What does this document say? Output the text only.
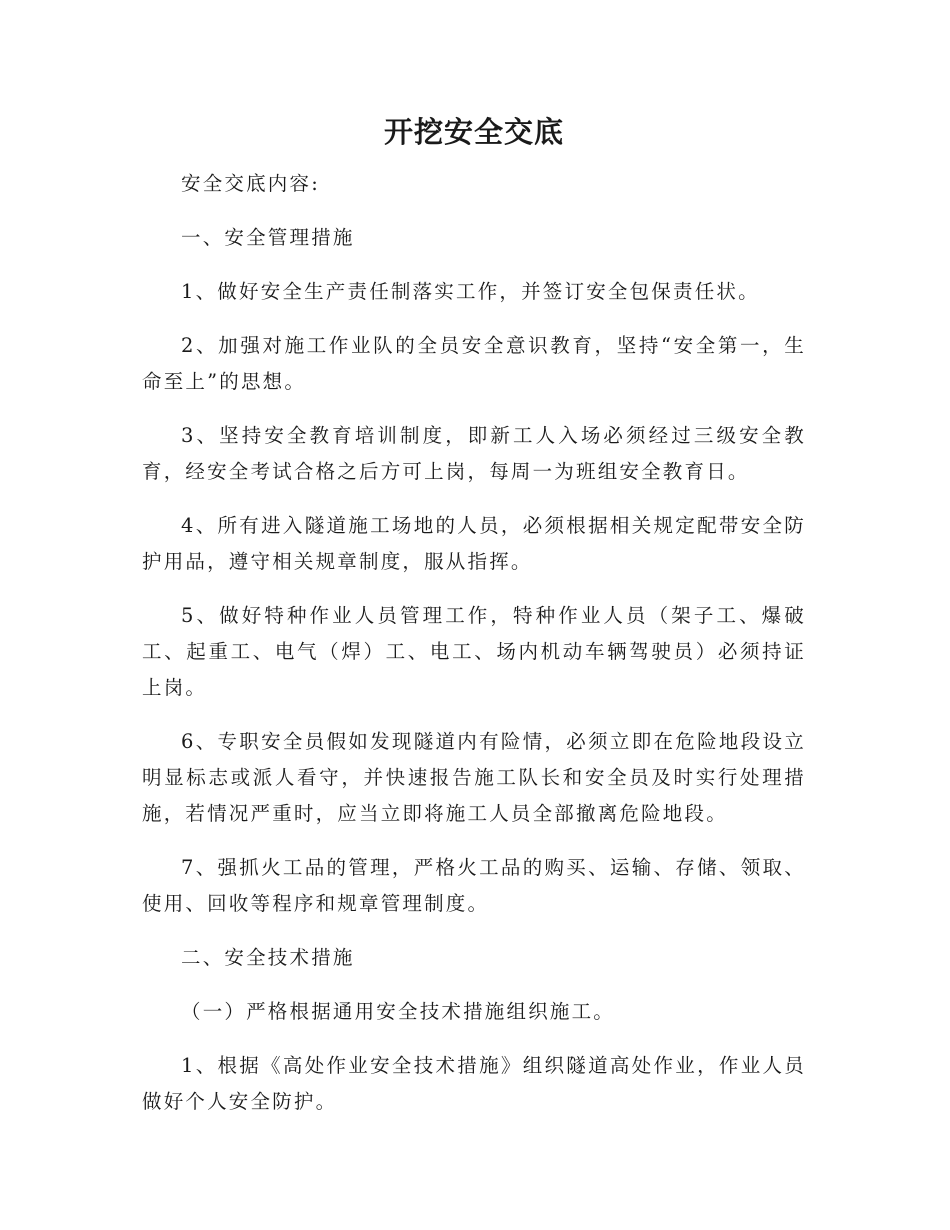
开挖安全交底

安全交底内容:

一、安全管理措施

1、做好安全生产责任制落实工作，并签订安全包保责任状。

2、加强对施工作业队的全员安全意识教育，坚持“安全第一，生命至上”的思想。

3、坚持安全教育培训制度，即新工人入场必须经过三级安全教育，经安全考试合格之后方可上岗，每周一为班组安全教育日。

4、所有进入隧道施工场地的人员，必须根据相关规定配带安全防护用品，遵守相关规章制度，服从指挥。

5、做好特种作业人员管理工作，特种作业人员（架子工、爆破工、起重工、电气（焊）工、电工、场内机动车辆驾驶员）必须持证上岗。

6、专职安全员假如发现隧道内有险情，必须立即在危险地段设立明显标志或派人看守，并快速报告施工队长和安全员及时实行处理措施，若情况严重时，应当立即将施工人员全部撤离危险地段。

7、强抓火工品的管理，严格火工品的购买、运输、存储、领取、使用、回收等程序和规章管理制度。

二、安全技术措施

（一）严格根据通用安全技术措施组织施工。

1、根据《高处作业安全技术措施》组织隧道高处作业，作业人员做好个人安全防护。
